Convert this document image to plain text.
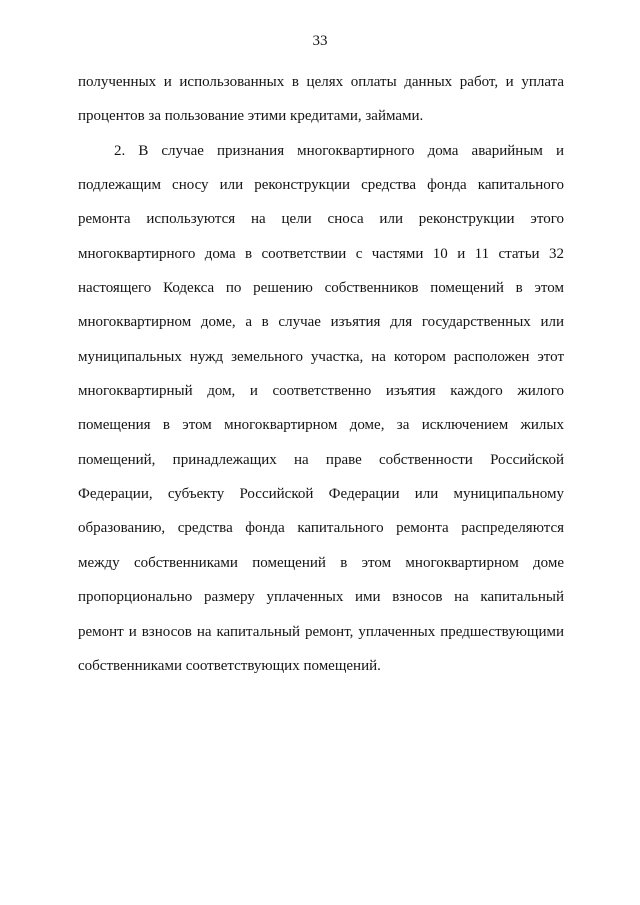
33
полученных и использованных в целях оплаты данных работ, и уплата
процентов за пользование этими кредитами, займами.
2. В случае признания многоквартирного дома аварийным и
подлежащим сносу или реконструкции средства фонда капитального
ремонта используются на цели сноса или реконструкции этого
многоквартирного дома в соответствии с частями 10 и 11 статьи 32
настоящего Кодекса по решению собственников помещений в этом
многоквартирном доме, а в случае изъятия для государственных или
муниципальных нужд земельного участка, на котором расположен этот
многоквартирный дом, и соответственно изъятия каждого жилого
помещения в этом многоквартирном доме, за исключением жилых
помещений, принадлежащих на праве собственности Российской
Федерации, субъекту Российской Федерации или муниципальному
образованию, средства фонда капитального ремонта распределяются
между собственниками помещений в этом многоквартирном доме
пропорционально размеру уплаченных ими взносов на капитальный
ремонт и взносов на капитальный ремонт, уплаченных предшествующими
собственниками соответствующих помещений.
